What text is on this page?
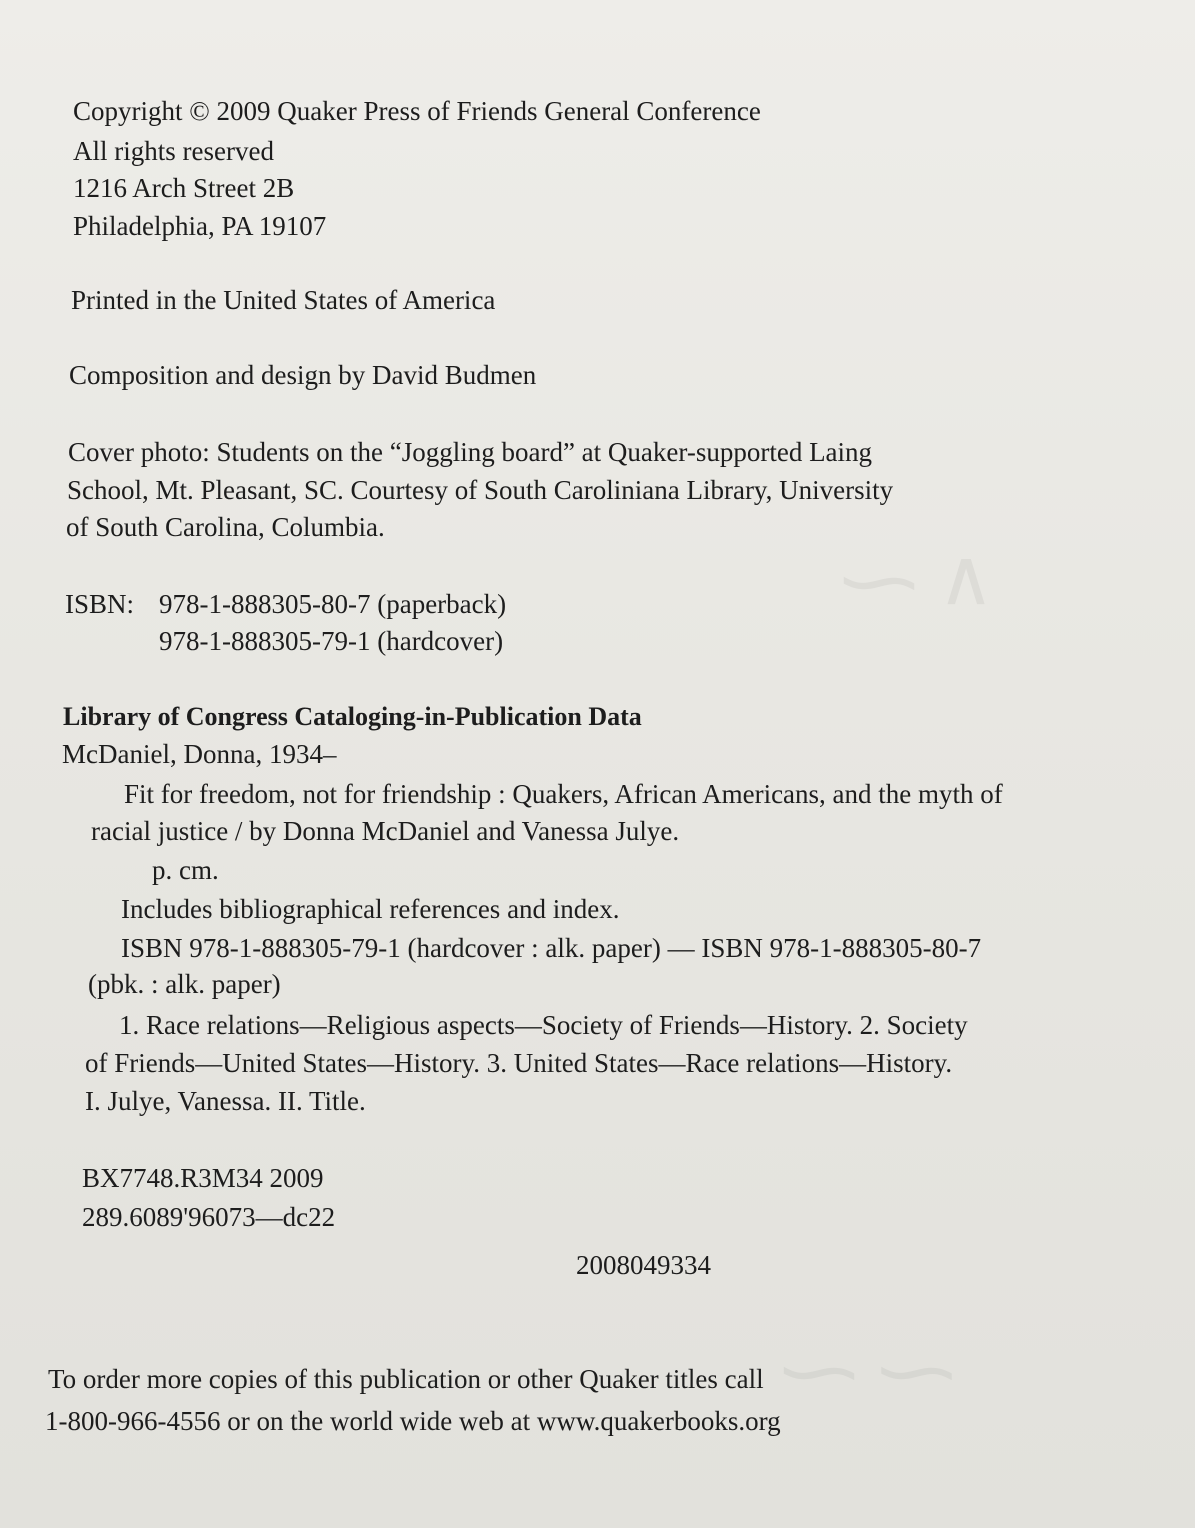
⁓ ∨
⁓ ⁓
Copyright © 2009 Quaker Press of Friends General Conference
All rights reserved
1216 Arch Street 2B
Philadelphia, PA 19107
Printed in the United States of America
Composition and design by David Budmen
Cover photo: Students on the “Joggling board” at Quaker-supported Laing
School, Mt. Pleasant, SC. Courtesy of South Caroliniana Library, University
of South Carolina, Columbia.
ISBN: 978-1-888305-80-7 (paperback)
978-1-888305-79-1 (hardcover)
Library of Congress Cataloging-in-Publication Data
McDaniel, Donna, 1934–
Fit for freedom, not for friendship : Quakers, African Americans, and the myth of
racial justice / by Donna McDaniel and Vanessa Julye.
p. cm.
Includes bibliographical references and index.
ISBN 978-1-888305-79-1 (hardcover : alk. paper) — ISBN 978-1-888305-80-7
(pbk. : alk. paper)
1. Race relations—Religious aspects—Society of Friends—History. 2. Society
of Friends—United States—History. 3. United States—Race relations—History.
I. Julye, Vanessa. II. Title.
BX7748.R3M34 2009
289.6089'96073—dc22
2008049334
To order more copies of this publication or other Quaker titles call
1-800-966-4556 or on the world wide web at www.quakerbooks.org
